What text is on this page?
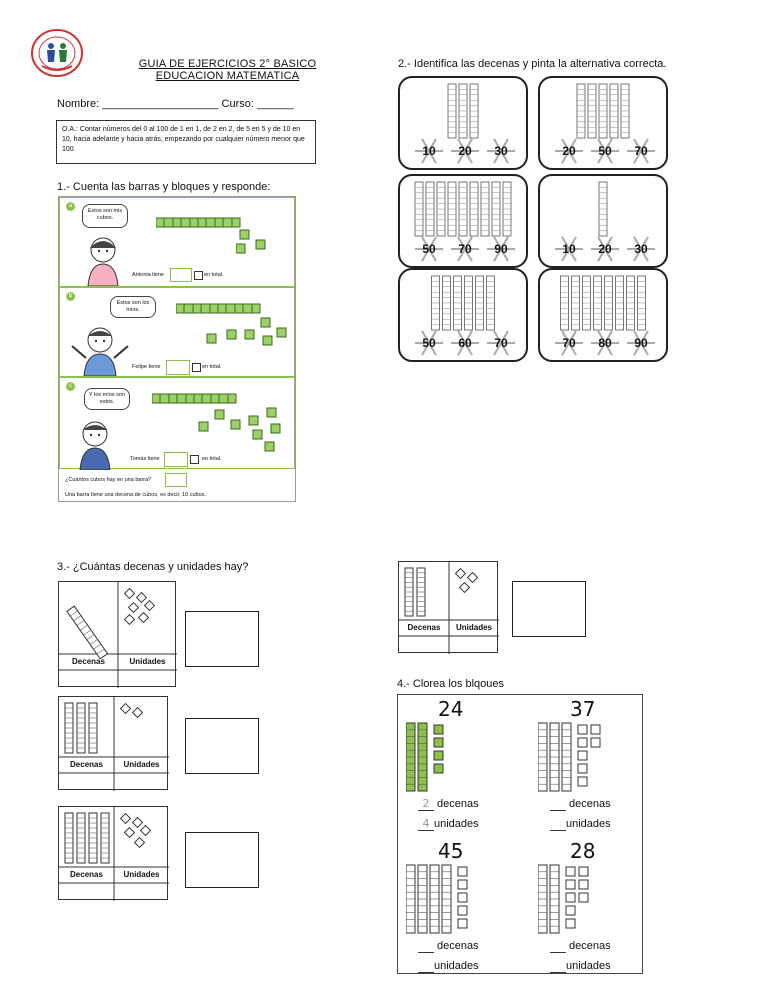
GUIA DE EJERCICIOS 2° BASICO
EDUCACION MATEMATICA
Nombre: ___________________ Curso: ______
O.A.: Contar números del 0 al 100 de 1 en 1, de 2 en 2, de 5 en 5 y de 10 en 10, hacia adelante y hacia atrás, empezando por cualquier número menor que 100.
1.- Cuenta las barras y bloques y responde:
a
Estos son mis cubos.
Antonia tiene	en total.
b
Estos son los míos.
Felipe tiene	en total.
c
Y los míos son estos.
Tomás tiene	en total.
¿Cuántos cubos hay en una barra?
Una barra tiene una decena de cubos, es decir, 10 cubos.
2.- Identifica las decenas y pinta la alternativa correcta.
10	20	30	20	50	70
50	70	90	10	20	30
50	60	70	70	80	90
3.- ¿Cuántas decenas y unidades hay?
Decenas	Unidades
Decenas	Unidades
Decenas	Unidades
Decenas	Unidades
4.- Clorea los blqoues
24
2 decenas
4 unidades
37
decenas
unidades
45
decenas
unidades
28
decenas
unidades
